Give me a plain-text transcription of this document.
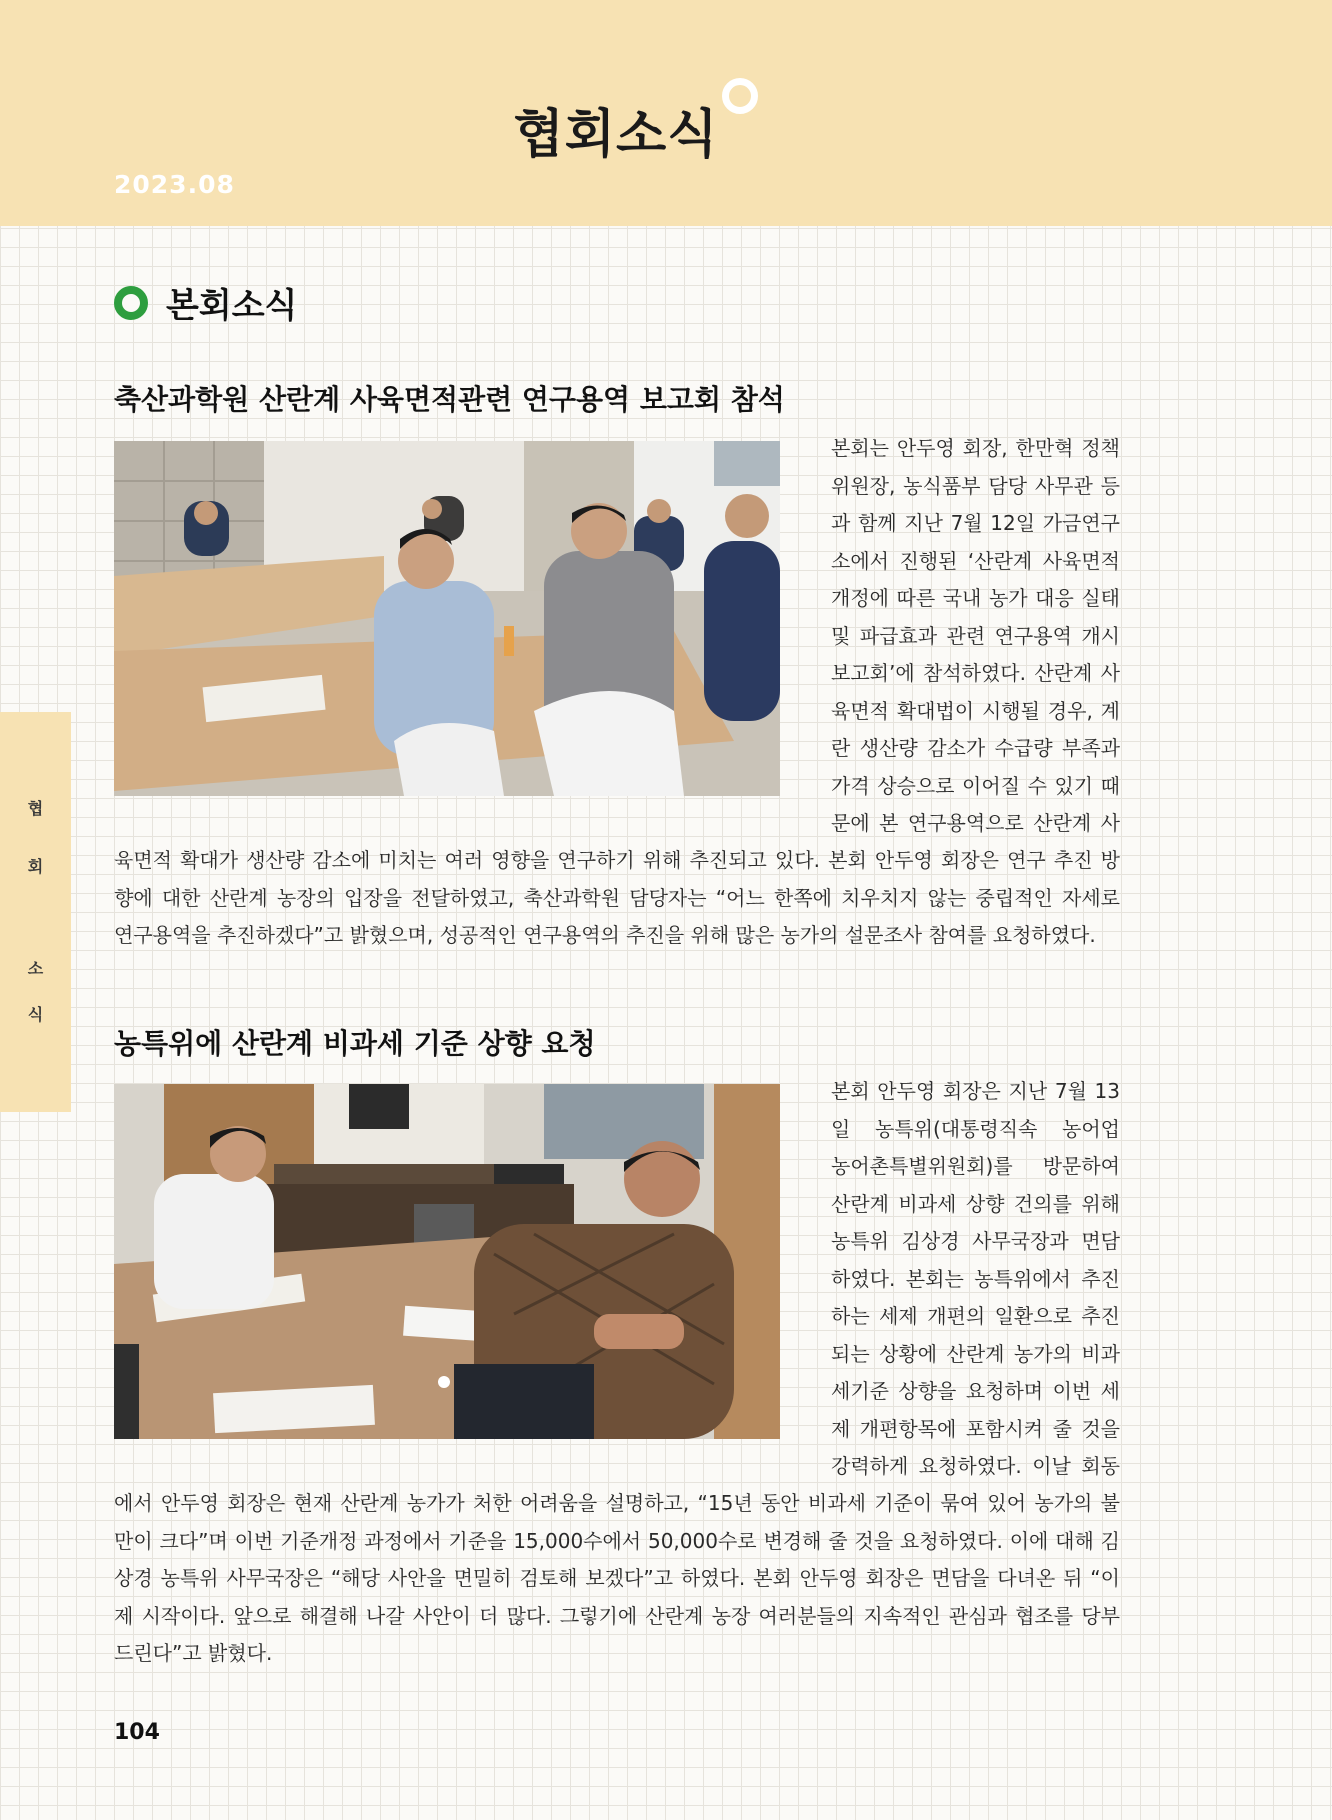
협회소식
2023.08
협
회
소
식
본회소식
축산과학원 산란계 사육면적관련 연구용역 보고회 참석
본회는 안두영 회장, 한만혁 정책
위원장, 농식품부 담당 사무관 등
과 함께 지난 7월 12일 가금연구
소에서 진행된 ‘산란계 사육면적
개정에 따른 국내 농가 대응 실태
및 파급효과 관련 연구용역 개시
보고회’에 참석하였다. 산란계 사
육면적 확대법이 시행될 경우, 계
란 생산량 감소가 수급량 부족과
가격 상승으로 이어질 수 있기 때
문에 본 연구용역으로 산란계 사
육면적 확대가 생산량 감소에 미치는 여러 영향을 연구하기 위해 추진되고 있다. 본회 안두영 회장은 연구 추진 방
향에 대한 산란계 농장의 입장을 전달하였고, 축산과학원 담당자는 “어느 한쪽에 치우치지 않는 중립적인 자세로
연구용역을 추진하겠다”고 밝혔으며, 성공적인 연구용역의 추진을 위해 많은 농가의 설문조사 참여를 요청하였다.
농특위에 산란계 비과세 기준 상향 요청
본회 안두영 회장은 지난 7월 13
일 농특위(대통령직속 농어업
농어촌특별위원회)를 방문하여
산란계 비과세 상향 건의를 위해
농특위 김상경 사무국장과 면담
하였다. 본회는 농특위에서 추진
하는 세제 개편의 일환으로 추진
되는 상황에 산란계 농가의 비과
세기준 상향을 요청하며 이번 세
제 개편항목에 포함시켜 줄 것을
강력하게 요청하였다. 이날 회동
에서 안두영 회장은 현재 산란계 농가가 처한 어려움을 설명하고, “15년 동안 비과세 기준이 묶여 있어 농가의 불
만이 크다”며 이번 기준개정 과정에서 기준을 15,000수에서 50,000수로 변경해 줄 것을 요청하였다. 이에 대해 김
상경 농특위 사무국장은 “해당 사안을 면밀히 검토해 보겠다”고 하였다. 본회 안두영 회장은 면담을 다녀온 뒤 “이
제 시작이다. 앞으로 해결해 나갈 사안이 더 많다. 그렇기에 산란계 농장 여러분들의 지속적인 관심과 협조를 당부
드린다”고 밝혔다.
104
